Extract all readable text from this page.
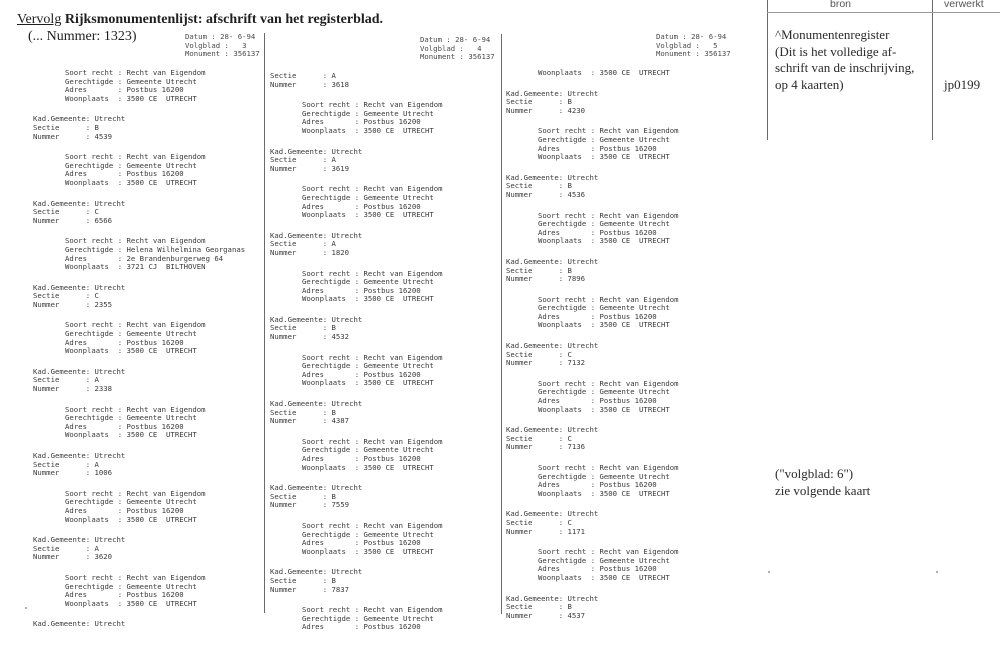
Vervolg Rijksmonumentenlijst: afschrift van het registerblad.
(... Nummer: 1323)	Datum : 28- 6-94
Volgblad :   3
Monument : 356137
Datum : 28- 6-94
Volgblad :   4
Monument : 356137
Datum : 28- 6-94
Volgblad :   5
Monument : 356137
bron	verwerkt
^Monumentenregister
(Dit is het volledige af-
schrift van de inschrijving,
op 4 kaarten)	jp0199
("volgblad: 6")
zie volgende kaart
Soort recht : Recht van Eigendom
Gerechtigde : Gemeente Utrecht
Adres       : Postbus 16200
Woonplaats  : 3500 CE  UTRECHT
Kad.Gemeente: Utrecht
Sectie      : B
Nummer      : 4539
Soort recht : Recht van Eigendom
Gerechtigde : Gemeente Utrecht
Adres       : Postbus 16200
Woonplaats  : 3500 CE  UTRECHT
Kad.Gemeente: Utrecht
Sectie      : C
Nummer      : 6566
Soort recht : Recht van Eigendom
Gerechtigde : Helena Wilhelmina Georganas
Adres       : 2e Brandenburgerweg 64
Woonplaats  : 3721 CJ  BILTHOVEN
Kad.Gemeente: Utrecht
Sectie      : C
Nummer      : 2355
Soort recht : Recht van Eigendom
Gerechtigde : Gemeente Utrecht
Adres       : Postbus 16200
Woonplaats  : 3500 CE  UTRECHT
Kad.Gemeente: Utrecht
Sectie      : A
Nummer      : 2338
Soort recht : Recht van Eigendom
Gerechtigde : Gemeente Utrecht
Adres       : Postbus 16200
Woonplaats  : 3500 CE  UTRECHT
Kad.Gemeente: Utrecht
Sectie      : A
Nummer      : 1006
Soort recht : Recht van Eigendom
Gerechtigde : Gemeente Utrecht
Adres       : Postbus 16200
Woonplaats  : 3500 CE  UTRECHT
Kad.Gemeente: Utrecht
Sectie      : A
Nummer      : 3620
Soort recht : Recht van Eigendom
Gerechtigde : Gemeente Utrecht
Adres       : Postbus 16200
Woonplaats  : 3500 CE  UTRECHT
Kad.Gemeente: Utrecht
Sectie      : A
Nummer      : 3618
Soort recht : Recht van Eigendom
Gerechtigde : Gemeente Utrecht
Adres       : Postbus 16200
Woonplaats  : 3500 CE  UTRECHT
Kad.Gemeente: Utrecht
Sectie      : A
Nummer      : 3619
Soort recht : Recht van Eigendom
Gerechtigde : Gemeente Utrecht
Adres       : Postbus 16200
Woonplaats  : 3500 CE  UTRECHT
Kad.Gemeente: Utrecht
Sectie      : A
Nummer      : 1820
Soort recht : Recht van Eigendom
Gerechtigde : Gemeente Utrecht
Adres       : Postbus 16200
Woonplaats  : 3500 CE  UTRECHT
Kad.Gemeente: Utrecht
Sectie      : B
Nummer      : 4532
Soort recht : Recht van Eigendom
Gerechtigde : Gemeente Utrecht
Adres       : Postbus 16200
Woonplaats  : 3500 CE  UTRECHT
Kad.Gemeente: Utrecht
Sectie      : B
Nummer      : 4387
Soort recht : Recht van Eigendom
Gerechtigde : Gemeente Utrecht
Adres       : Postbus 16200
Woonplaats  : 3500 CE  UTRECHT
Kad.Gemeente: Utrecht
Sectie      : B
Nummer      : 7559
Soort recht : Recht van Eigendom
Gerechtigde : Gemeente Utrecht
Adres       : Postbus 16200
Woonplaats  : 3500 CE  UTRECHT
Kad.Gemeente: Utrecht
Sectie      : B
Nummer      : 7837
Soort recht : Recht van Eigendom
Gerechtigde : Gemeente Utrecht
Adres       : Postbus 16200
Woonplaats  : 3500 CE  UTRECHT
Kad.Gemeente: Utrecht
Sectie      : B
Nummer      : 4230
Soort recht : Recht van Eigendom
Gerechtigde : Gemeente Utrecht
Adres       : Postbus 16200
Woonplaats  : 3500 CE  UTRECHT
Kad.Gemeente: Utrecht
Sectie      : B
Nummer      : 4536
Soort recht : Recht van Eigendom
Gerechtigde : Gemeente Utrecht
Adres       : Postbus 16200
Woonplaats  : 3500 CE  UTRECHT
Kad.Gemeente: Utrecht
Sectie      : B
Nummer      : 7896
Soort recht : Recht van Eigendom
Gerechtigde : Gemeente Utrecht
Adres       : Postbus 16200
Woonplaats  : 3500 CE  UTRECHT
Kad.Gemeente: Utrecht
Sectie      : C
Nummer      : 7132
Soort recht : Recht van Eigendom
Gerechtigde : Gemeente Utrecht
Adres       : Postbus 16200
Woonplaats  : 3500 CE  UTRECHT
Kad.Gemeente: Utrecht
Sectie      : C
Nummer      : 7136
Soort recht : Recht van Eigendom
Gerechtigde : Gemeente Utrecht
Adres       : Postbus 16200
Woonplaats  : 3500 CE  UTRECHT
Kad.Gemeente: Utrecht
Sectie      : C
Nummer      : 1171
Soort recht : Recht van Eigendom
Gerechtigde : Gemeente Utrecht
Adres       : Postbus 16200
Woonplaats  : 3500 CE  UTRECHT
Kad.Gemeente: Utrecht
Sectie      : B
Nummer      : 4537
